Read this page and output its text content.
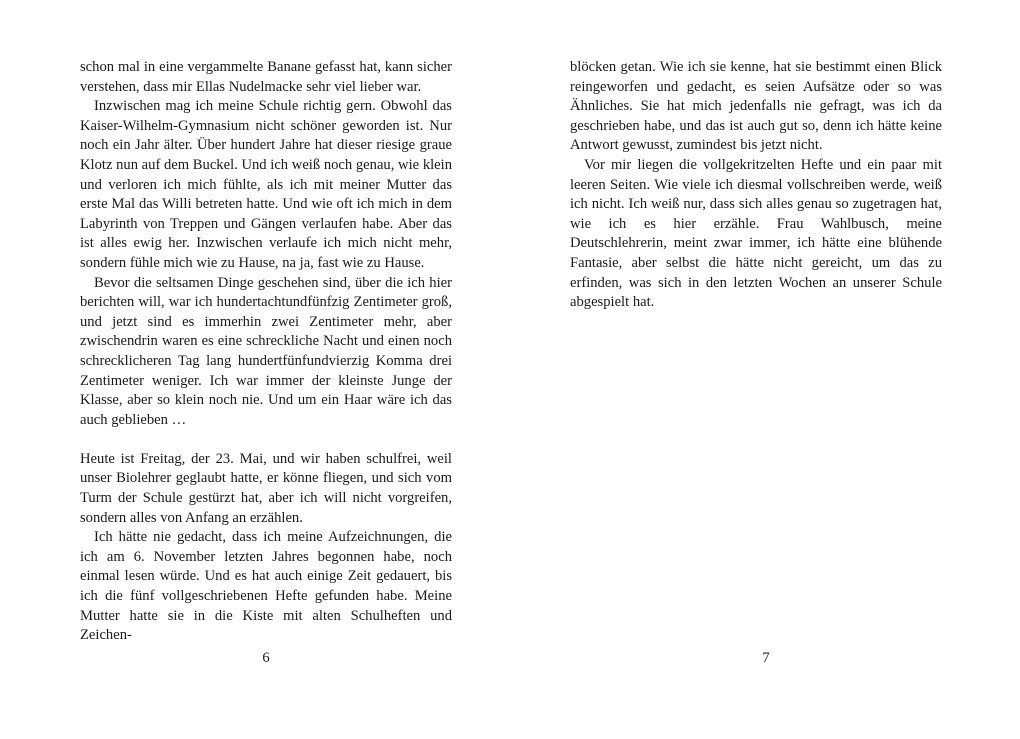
schon mal in eine vergammelte Banane gefasst hat, kann sicher verstehen, dass mir Ellas Nudelmacke sehr viel lieber war.

Inzwischen mag ich meine Schule richtig gern. Obwohl das Kaiser-Wilhelm-Gymnasium nicht schöner geworden ist. Nur noch ein Jahr älter. Über hundert Jahre hat dieser riesige graue Klotz nun auf dem Buckel. Und ich weiß noch genau, wie klein und verloren ich mich fühlte, als ich mit meiner Mutter das erste Mal das Willi betreten hatte. Und wie oft ich mich in dem Labyrinth von Treppen und Gängen verlaufen habe. Aber das ist alles ewig her. Inzwischen verlaufe ich mich nicht mehr, sondern fühle mich wie zu Hause, na ja, fast wie zu Hause.

Bevor die seltsamen Dinge geschehen sind, über die ich hier berichten will, war ich hundertachtundfünfzig Zentimeter groß, und jetzt sind es immerhin zwei Zentimeter mehr, aber zwischendrin waren es eine schreckliche Nacht und einen noch schrecklicheren Tag lang hundertfünfundvierzig Komma drei Zentimeter weniger. Ich war immer der kleinste Junge der Klasse, aber so klein noch nie. Und um ein Haar wäre ich das auch geblieben …

Heute ist Freitag, der 23. Mai, und wir haben schulfrei, weil unser Biolehrer geglaubt hatte, er könne fliegen, und sich vom Turm der Schule gestürzt hat, aber ich will nicht vorgreifen, sondern alles von Anfang an erzählen.

Ich hätte nie gedacht, dass ich meine Aufzeichnungen, die ich am 6. November letzten Jahres begonnen habe, noch einmal lesen würde. Und es hat auch einige Zeit gedauert, bis ich die fünf vollgeschriebenen Hefte gefunden habe. Meine Mutter hatte sie in die Kiste mit alten Schulheften und Zeichen-

6

blöcken getan. Wie ich sie kenne, hat sie bestimmt einen Blick reingeworfen und gedacht, es seien Aufsätze oder so was Ähnliches. Sie hat mich jedenfalls nie gefragt, was ich da geschrieben habe, und das ist auch gut so, denn ich hätte keine Antwort gewusst, zumindest bis jetzt nicht.

Vor mir liegen die vollgekritzelten Hefte und ein paar mit leeren Seiten. Wie viele ich diesmal vollschreiben werde, weiß ich nicht. Ich weiß nur, dass sich alles genau so zugetragen hat, wie ich es hier erzähle. Frau Wahlbusch, meine Deutschlehrerin, meint zwar immer, ich hätte eine blühende Fantasie, aber selbst die hätte nicht gereicht, um das zu erfinden, was sich in den letzten Wochen an unserer Schule abgespielt hat.

7
